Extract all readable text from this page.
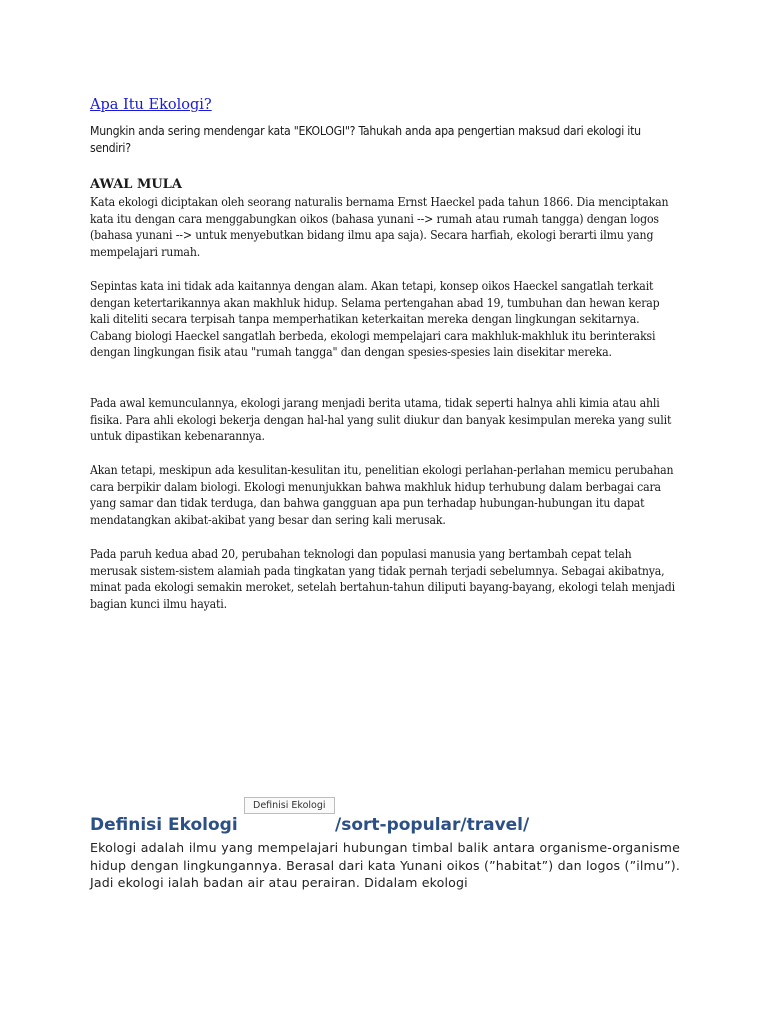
Apa Itu Ekologi?

Mungkin anda sering mendengar kata "EKOLOGI"? Tahukah anda apa pengertian maksud dari ekologi itu sendiri?

AWAL MULA

Kata ekologi diciptakan oleh seorang naturalis bernama Ernst Haeckel pada tahun 1866. Dia menciptakan kata itu dengan cara menggabungkan oikos (bahasa yunani --> rumah atau rumah tangga) dengan logos (bahasa yunani --> untuk menyebutkan bidang ilmu apa saja). Secara harfiah, ekologi berarti ilmu yang mempelajari rumah.

Sepintas kata ini tidak ada kaitannya dengan alam. Akan tetapi, konsep oikos Haeckel sangatlah terkait dengan ketertarikannya akan makhluk hidup. Selama pertengahan abad 19, tumbuhan dan hewan kerap kali diteliti secara terpisah tanpa memperhatikan keterkaitan mereka dengan lingkungan sekitarnya. Cabang biologi Haeckel sangatlah berbeda, ekologi mempelajari cara makhluk-makhluk itu berinteraksi dengan lingkungan fisik atau "rumah tangga" dan dengan spesies-spesies lain disekitar mereka.

Pada awal kemunculannya, ekologi jarang menjadi berita utama, tidak seperti halnya ahli kimia atau ahli fisika. Para ahli ekologi bekerja dengan hal-hal yang sulit diukur dan banyak kesimpulan mereka yang sulit untuk dipastikan kebenarannya.

Akan tetapi, meskipun ada kesulitan-kesulitan itu, penelitian ekologi perlahan-perlahan memicu perubahan cara berpikir dalam biologi. Ekologi menunjukkan bahwa makhluk hidup terhubung dalam berbagai cara yang samar dan tidak terduga, dan bahwa gangguan apa pun terhadap hubungan-hubungan itu dapat mendatangkan akibat-akibat yang besar dan sering kali merusak.

Pada paruh kedua abad 20, perubahan teknologi dan populasi manusia yang bertambah cepat telah merusak sistem-sistem alamiah pada tingkatan yang tidak pernah terjadi sebelumnya. Sebagai akibatnya, minat pada ekologi semakin meroket, setelah bertahun-tahun diliputi bayang-bayang, ekologi telah menjadi bagian kunci ilmu hayati.

Definisi Ekologi
Definisi Ekologi
/sort-popular/travel/

Ekologi adalah ilmu yang mempelajari hubungan timbal balik antara organisme-organisme hidup dengan lingkungannya. Berasal dari kata Yunani oikos (”habitat”) dan logos (”ilmu”). Jadi ekologi ialah badan air atau perairan. Didalam ekologi
